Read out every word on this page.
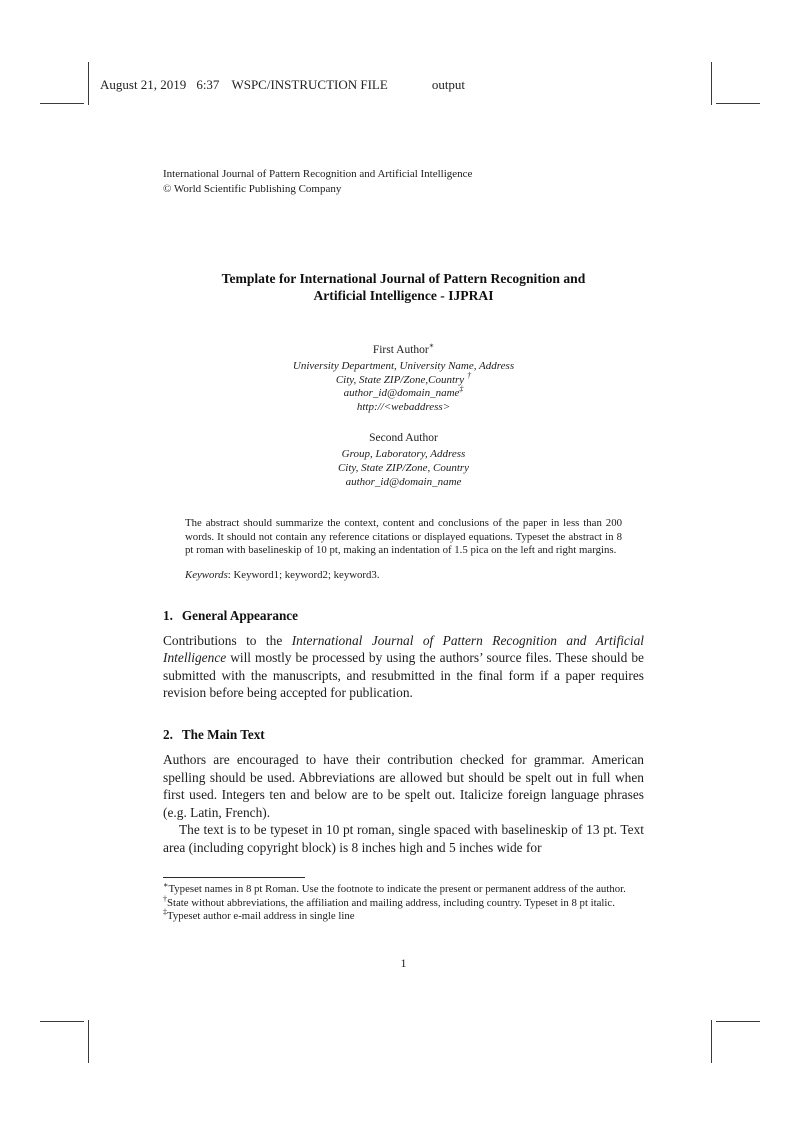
August 21, 2019 6:37 WSPC/INSTRUCTION FILE	output
International Journal of Pattern Recognition and Artificial Intelligence
© World Scientific Publishing Company
Template for International Journal of Pattern Recognition and
Artificial Intelligence - IJPRAI
First Author∗
University Department, University Name, Address
City, State ZIP/Zone,Country †
author_id@domain_name‡
http://<webaddress>
Second Author
Group, Laboratory, Address
City, State ZIP/Zone, Country
author_id@domain_name
The abstract should summarize the context, content and conclusions of the paper in less than 200 words. It should not contain any reference citations or displayed equations. Typeset the abstract in 8 pt roman with baselineskip of 10 pt, making an indentation of 1.5 pica on the left and right margins.
Keywords: Keyword1; keyword2; keyword3.
1. General Appearance
Contributions to the International Journal of Pattern Recognition and Artificial Intelligence will mostly be processed by using the authors’ source files. These should be submitted with the manuscripts, and resubmitted in the final form if a paper requires revision before being accepted for publication.
2. The Main Text
Authors are encouraged to have their contribution checked for grammar. American spelling should be used. Abbreviations are allowed but should be spelt out in full when first used. Integers ten and below are to be spelt out. Italicize foreign language phrases (e.g. Latin, French).
The text is to be typeset in 10 pt roman, single spaced with baselineskip of 13 pt. Text area (including copyright block) is 8 inches high and 5 inches wide for
∗Typeset names in 8 pt Roman. Use the footnote to indicate the present or permanent address of the author.
†State without abbreviations, the affiliation and mailing address, including country. Typeset in 8 pt italic.
‡Typeset author e-mail address in single line
1
